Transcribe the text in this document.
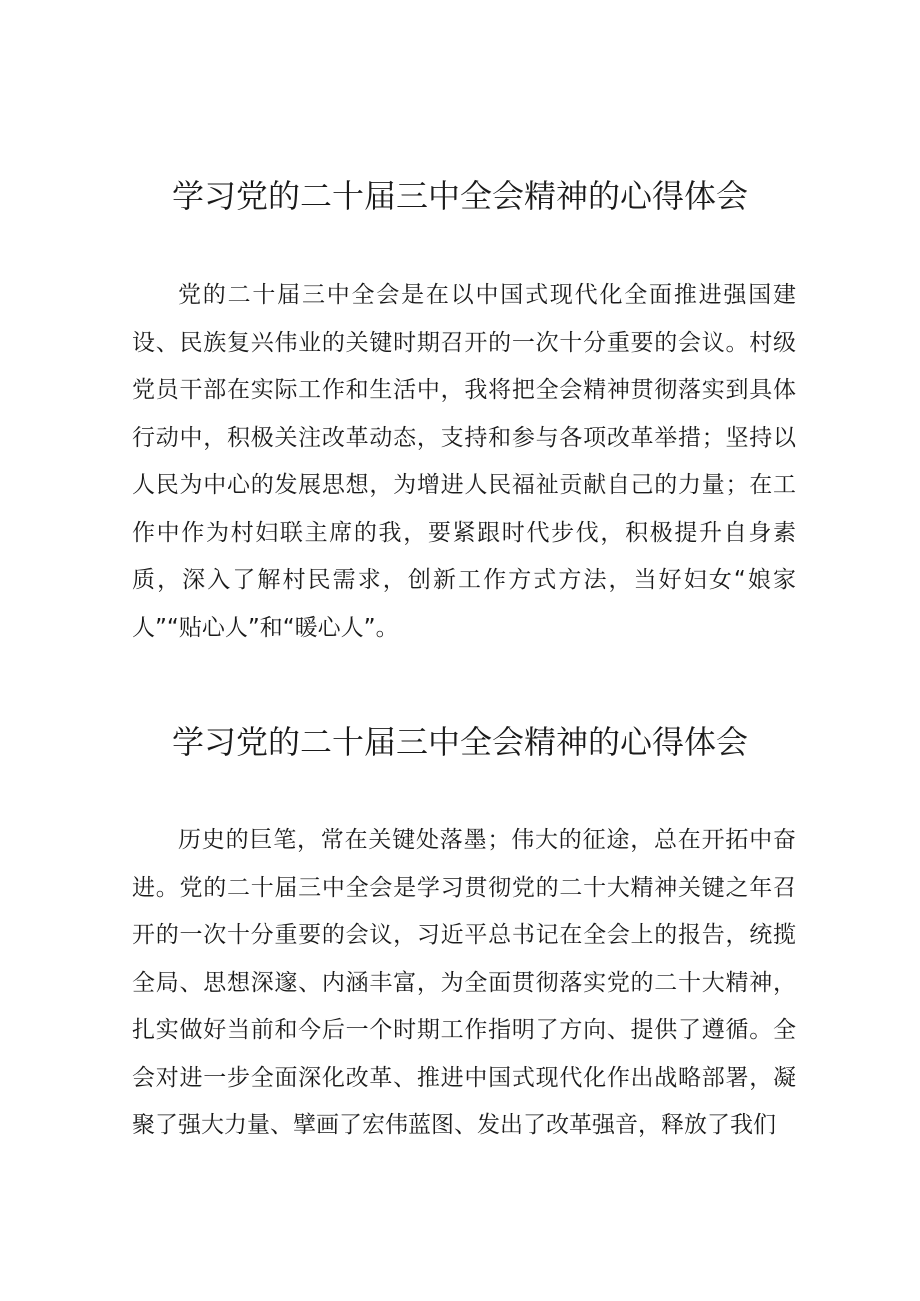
学习党的二十届三中全会精神的心得体会

党的二十届三中全会是在以中国式现代化全面推进强国建设、民族复兴伟业的关键时期召开的一次十分重要的会议。村级党员干部在实际工作和生活中，我将把全会精神贯彻落实到具体行动中，积极关注改革动态，支持和参与各项改革举措；坚持以人民为中心的发展思想，为增进人民福祉贡献自己的力量；在工作中作为村妇联主席的我，要紧跟时代步伐，积极提升自身素质，深入了解村民需求，创新工作方式方法，当好妇女“娘家人”“贴心人”和“暖心人”。

学习党的二十届三中全会精神的心得体会

历史的巨笔，常在关键处落墨；伟大的征途，总在开拓中奋进。党的二十届三中全会是学习贯彻党的二十大精神关键之年召开的一次十分重要的会议，习近平总书记在全会上的报告，统揽全局、思想深邃、内涵丰富，为全面贯彻落实党的二十大精神，扎实做好当前和今后一个时期工作指明了方向、提供了遵循。全会对进一步全面深化改革、推进中国式现代化作出战略部署，凝聚了强大力量、擘画了宏伟蓝图、发出了改革强音，释放了我们
